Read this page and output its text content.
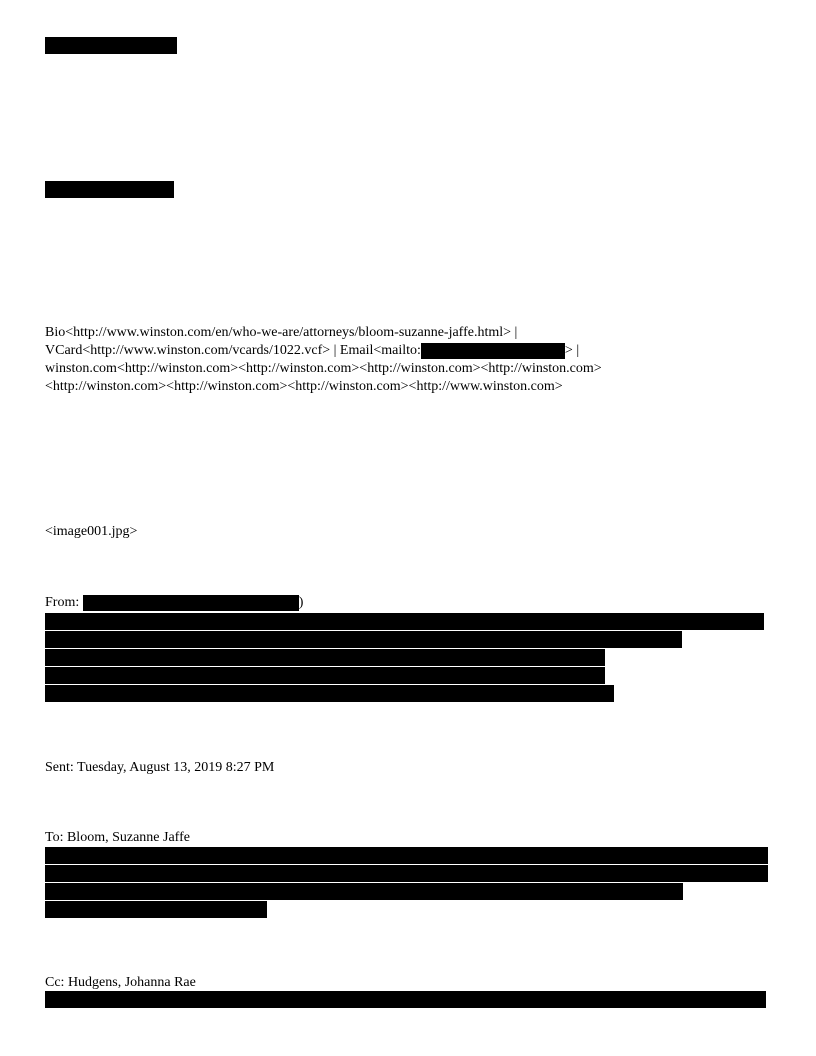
Bio<http://www.winston.com/en/who-we-are/attorneys/bloom-suzanne-jaffe.html> |
VCard<http://www.winston.com/vcards/1022.vcf> | Email<mailto:	> |
winston.com<http://winston.com><http://winston.com><http://winston.com><http://winston.com>
<http://winston.com><http://winston.com><http://winston.com><http://www.winston.com>
<image001.jpg>
From:	)
Sent: Tuesday, August 13, 2019 8:27 PM
To: Bloom, Suzanne Jaffe
Cc: Hudgens, Johanna Rae
